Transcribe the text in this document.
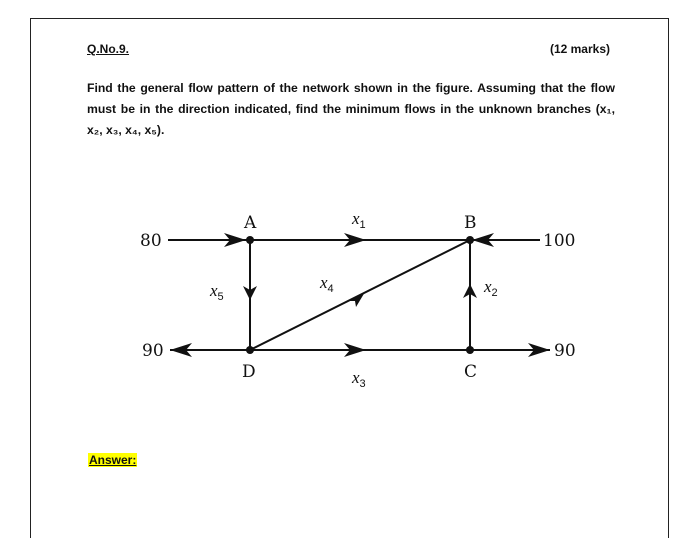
Q.No.9.	(12 marks)
Find the general flow pattern of the network shown in the figure. Assuming that the flow must be in the direction indicated, find the minimum flows in the unknown branches (x₁, x₂, x₃, x₄, x₅).
A	B
C
D
80	100
90	90
$x_1$
$x_2$
$x_3$
$x_4$
$x_5$
Answer:
